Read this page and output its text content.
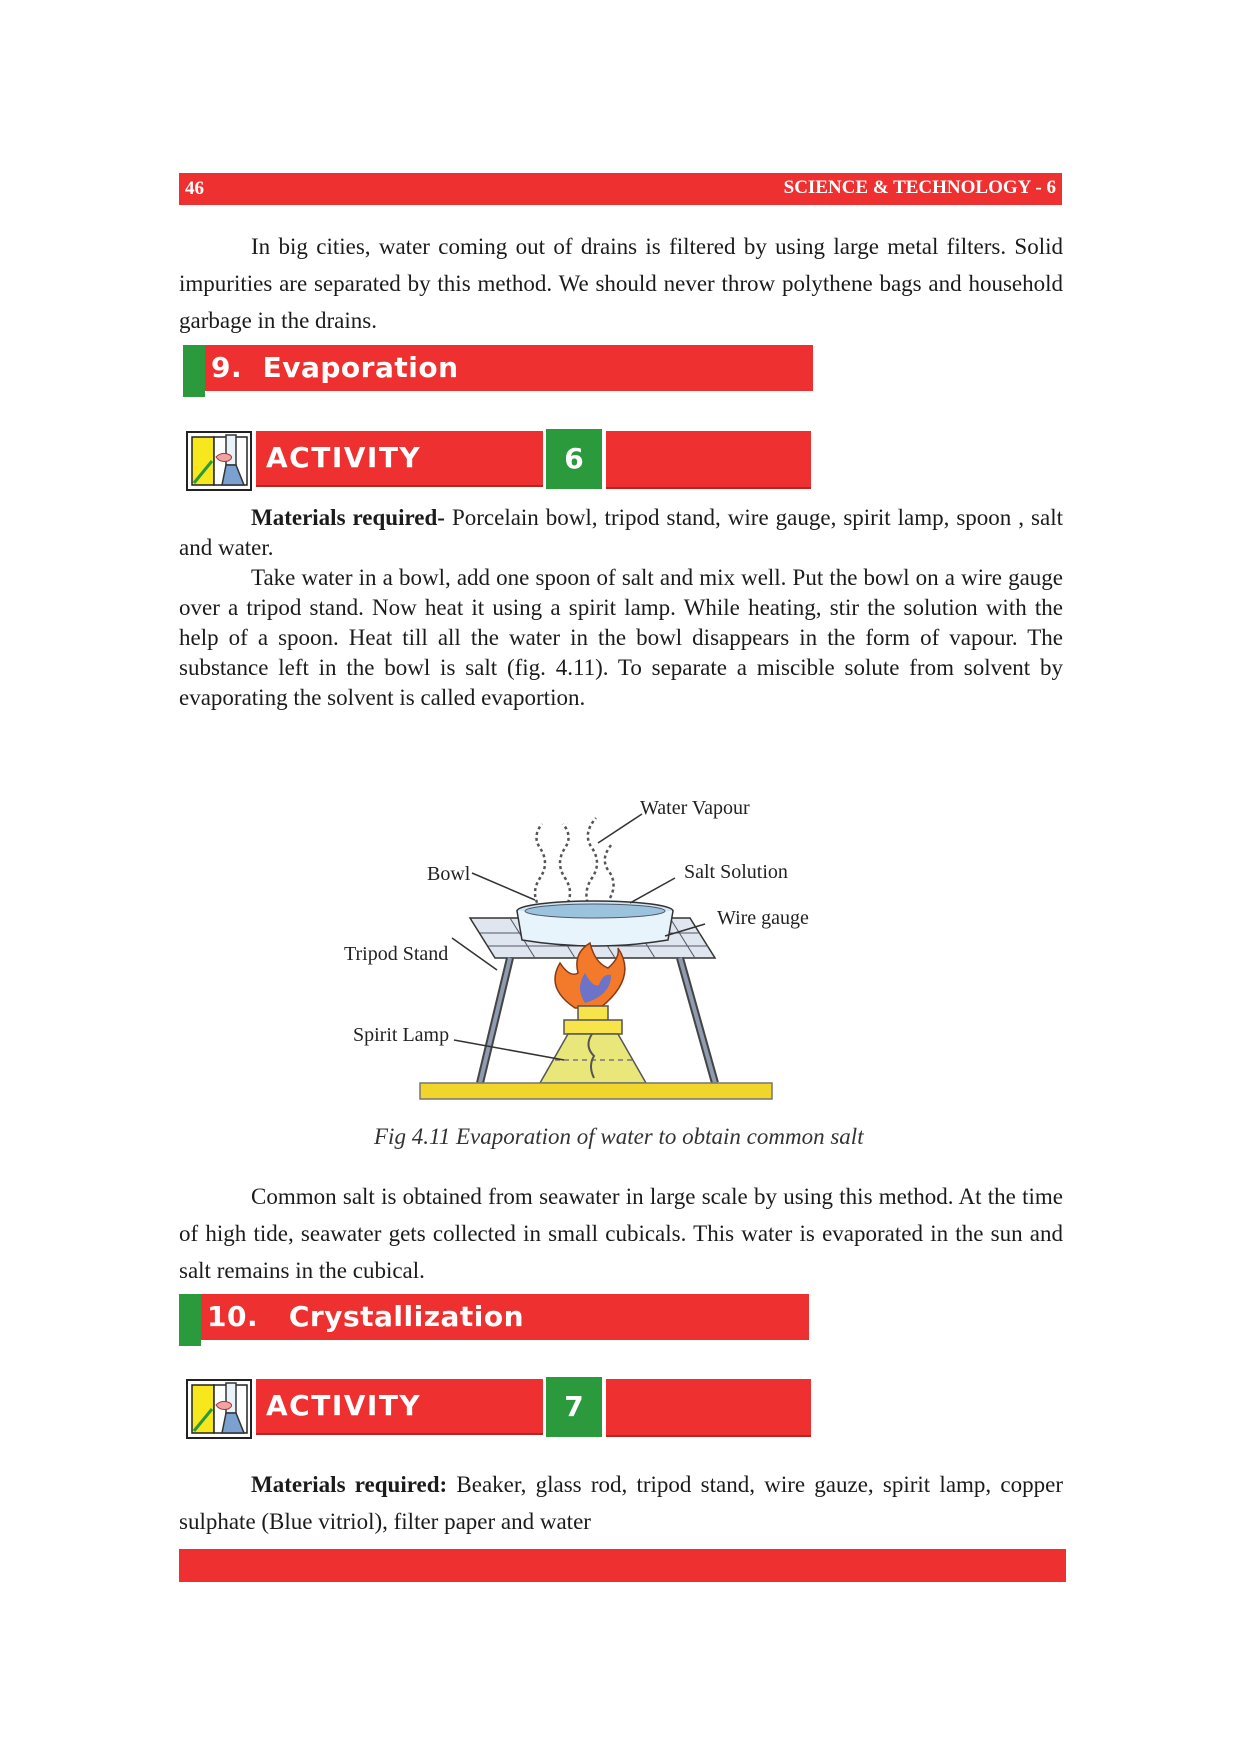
46	SCIENCE & TECHNOLOGY - 6

In big cities, water coming out of drains is filtered by using large metal filters. Solid impurities are separated by this method. We should never throw polythene bags and household garbage in the drains.

9.  Evaporation
ACTIVITY	6

Materials required- Porcelain bowl, tripod stand, wire gauge, spirit lamp, spoon , salt and water.

Take water in a bowl, add one spoon of salt and mix well. Put the bowl on a wire gauge over a tripod stand. Now heat it using a spirit lamp. While heating, stir the solution with the help of a spoon. Heat till all the water in the bowl disappears in the form of vapour. The substance left in the bowl is salt (fig. 4.11). To separate a miscible solute from solvent by evaporating the solvent is called evaportion.

Water Vapour
Bowl	Salt Solution
Wire gauge
Tripod Stand
Spirit Lamp
Fig 4.11 Evaporation of water to obtain common salt

Common salt is obtained from seawater in large scale by using this method. At the time of high tide, seawater gets collected in small cubicals. This water is evaporated in the sun and salt remains in the cubical.

10.   Crystallization
ACTIVITY	7

Materials required: Beaker, glass rod, tripod stand, wire gauze, spirit lamp, copper sulphate (Blue vitriol), filter paper and water
